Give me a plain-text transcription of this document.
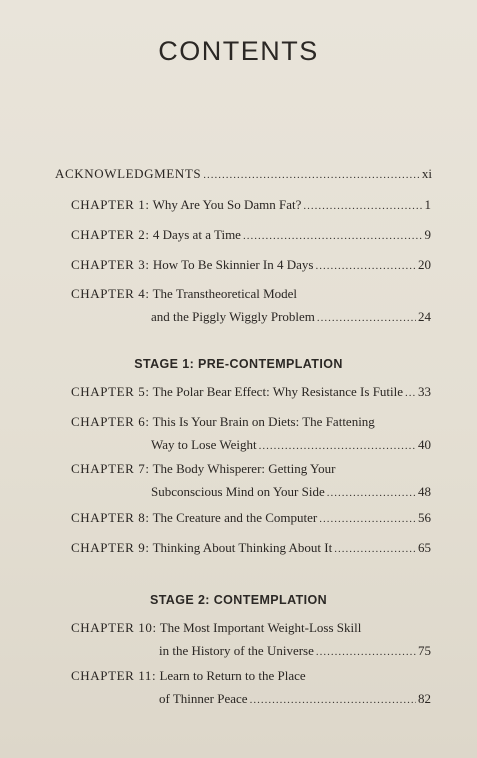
CONTENTS
ACKNOWLEDGMENTS .....	xi
CHAPTER 1: Why Are You So Damn Fat? .....	1
CHAPTER 2: 4 Days at a Time .....	9
CHAPTER 3: How To Be Skinnier In 4 Days .....	20
CHAPTER 4: The Transtheoretical Model
and the Piggly Wiggly Problem .....	24
STAGE 1: PRE-CONTEMPLATION
CHAPTER 5: The Polar Bear Effect: Why Resistance Is Futile ..... 33
CHAPTER 6: This Is Your Brain on Diets: The Fattening
Way to Lose Weight .....	40
CHAPTER 7: The Body Whisperer: Getting Your
Subconscious Mind on Your Side .....	48
CHAPTER 8: The Creature and the Computer .....	56
CHAPTER 9: Thinking About Thinking About It .....	65
STAGE 2: CONTEMPLATION
CHAPTER 10: The Most Important Weight-Loss Skill
in the History of the Universe .....	75
CHAPTER 11: Learn to Return to the Place
of Thinner Peace .....	82
